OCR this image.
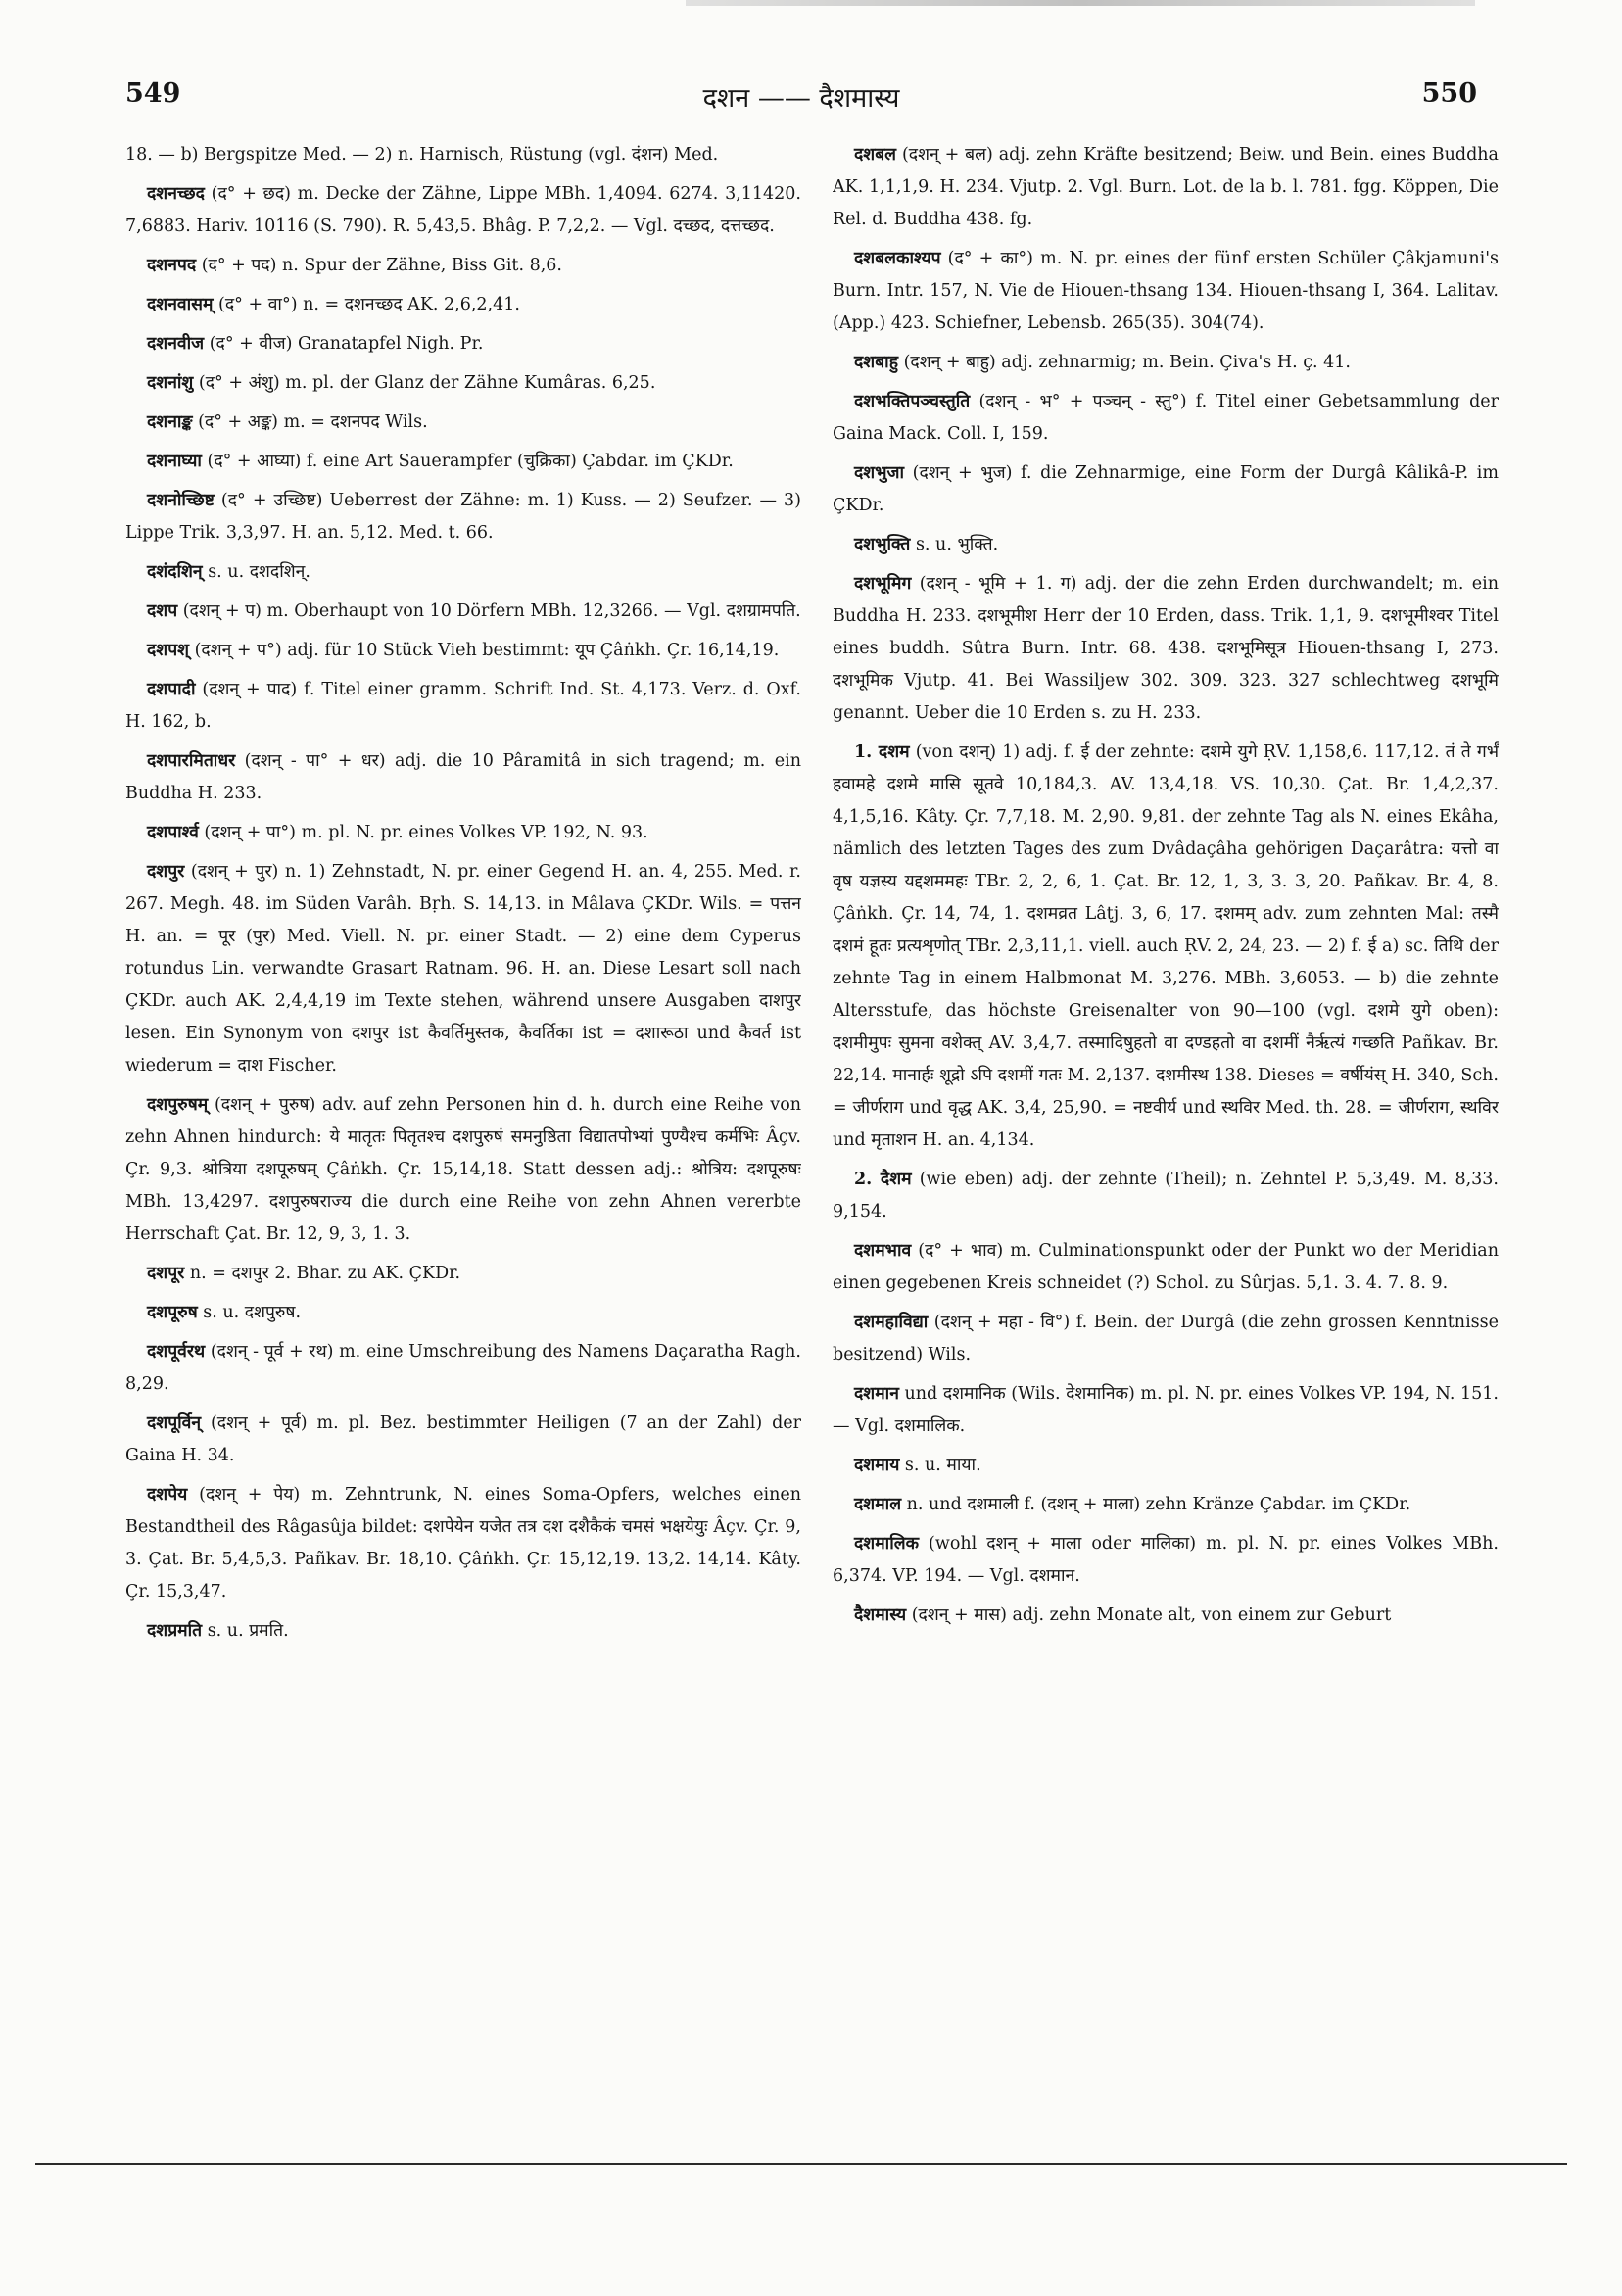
549	दशन —— दैशमास्य	550

18. — b) Bergspitze Med. — 2) n. Harnisch, Rüstung (vgl. दंशन) Med.

दशनच्छद (द° + छद) m. Decke der Zähne, Lippe MBh. 1,4094. 6274. 3,11420. 7,6883. Hariv. 10116 (S. 790). R. 5,43,5. Bhâg. P. 7,2,2. — Vgl. दच्छद, दत्तच्छद.

दशनपद (द° + पद) n. Spur der Zähne, Biss Git. 8,6.

दशनवासम् (द° + वा°) n. = दशनच्छद AK. 2,6,2,41.

दशनवीज (द° + वीज) Granatapfel Nigh. Pr.

दशनांशु (द° + अंशु) m. pl. der Glanz der Zähne Kumâras. 6,25.

दशनाङ्क (द° + अङ्क) m. = दशनपद Wils.

दशनाघ्या (द° + आघ्या) f. eine Art Sauerampfer (चुक्रिका) Çabdar. im ÇKDr.

दशनोच्छिष्ट (द° + उच्छिष्ट) Ueberrest der Zähne: m. 1) Kuss. — 2) Seufzer. — 3) Lippe Trik. 3,3,97. H. an. 5,12. Med. t. 66.

दशंदशिन् s. u. दशदशिन्.

दशप (दशन् + प) m. Oberhaupt von 10 Dörfern MBh. 12,3266. — Vgl. दशग्रामपति.

दशपश् (दशन् + प°) adj. für 10 Stück Vieh bestimmt: यूप Çâṅkh. Çr. 16,14,19.

दशपादी (दशन् + पाद) f. Titel einer gramm. Schrift Ind. St. 4,173. Verz. d. Oxf. H. 162, b.

दशपारमिताधर (दशन् - पा° + धर) adj. die 10 Pâramitâ in sich tragend; m. ein Buddha H. 233.

दशपार्श्व (दशन् + पा°) m. pl. N. pr. eines Volkes VP. 192, N. 93.

दशपुर (दशन् + पुर) n. 1) Zehnstadt, N. pr. einer Gegend H. an. 4, 255. Med. r. 267. Megh. 48. im Süden Varâh. Bṛh. S. 14,13. in Mâlava ÇKDr. Wils. = पत्तन H. an. = पूर (पुर) Med. Viell. N. pr. einer Stadt. — 2) eine dem Cyperus rotundus Lin. verwandte Grasart Ratnam. 96. H. an. Diese Lesart soll nach ÇKDr. auch AK. 2,4,4,19 im Texte stehen, während unsere Ausgaben दाशपुर lesen. Ein Synonym von दशपुर ist कैवर्तिमुस्तक, कैवर्तिका ist = दशारूठा und कैवर्त ist wiederum = दाश Fischer.

दशपुरुषम् (दशन् + पुरुष) adv. auf zehn Personen hin d. h. durch eine Reihe von zehn Ahnen hindurch: ये मातृतः पितृतश्च दशपुरुषं समनुष्ठिता विद्यातपोभ्यां पुण्यैश्च कर्मभिः Âçv. Çr. 9,3. श्रोत्रिया दशपूरुषम् Çâṅkh. Çr. 15,14,18. Statt dessen adj.: श्रोत्रिय: दशपूरुषः MBh. 13,4297. दशपुरुषराज्य die durch eine Reihe von zehn Ahnen vererbte Herrschaft Çat. Br. 12, 9, 3, 1. 3.

दशपूर n. = दशपुर 2. Bhar. zu AK. ÇKDr.

दशपूरुष s. u. दशपुरुष.

दशपूर्वरथ (दशन् - पूर्व + रथ) m. eine Umschreibung des Namens Daçaratha Ragh. 8,29.

दशपूर्विन् (दशन् + पूर्व) m. pl. Bez. bestimmter Heiligen (7 an der Zahl) der Gaina H. 34.

दशपेय (दशन् + पेय) m. Zehntrunk, N. eines Soma-Opfers, welches einen Bestandtheil des Râgasûja bildet: दशपेयेन यजेत तत्र दश दशैकैकं चमसं भक्षयेयुः Âçv. Çr. 9, 3. Çat. Br. 5,4,5,3. Pañkav. Br. 18,10. Çâṅkh. Çr. 15,12,19. 13,2. 14,14. Kâty. Çr. 15,3,47.

दशप्रमति s. u. प्रमति.

दशबल (दशन् + बल) adj. zehn Kräfte besitzend; Beiw. und Bein. eines Buddha AK. 1,1,1,9. H. 234. Vjutp. 2. Vgl. Burn. Lot. de la b. l. 781. fgg. Köppen, Die Rel. d. Buddha 438. fg.

दशबलकाश्यप (द° + का°) m. N. pr. eines der fünf ersten Schüler Çâkjamuni's Burn. Intr. 157, N. Vie de Hiouen-thsang 134. Hiouen-thsang I, 364. Lalitav. (App.) 423. Schiefner, Lebensb. 265(35). 304(74).

दशबाहु (दशन् + बाहु) adj. zehnarmig; m. Bein. Çiva's H. ç. 41.

दशभक्तिपञ्चस्तुति (दशन् - भ° + पञ्चन् - स्तु°) f. Titel einer Gebetsammlung der Gaina Mack. Coll. I, 159.

दशभुजा (दशन् + भुज) f. die Zehnarmige, eine Form der Durgâ Kâlikâ-P. im ÇKDr.

दशभुक्ति s. u. भुक्ति.

दशभूमिग (दशन् - भूमि + 1. ग) adj. der die zehn Erden durchwandelt; m. ein Buddha H. 233. दशभूमीश Herr der 10 Erden, dass. Trik. 1,1, 9. दशभूमीश्वर Titel eines buddh. Sûtra Burn. Intr. 68. 438. दशभूमिसूत्र Hiouen-thsang I, 273. दशभूमिक Vjutp. 41. Bei Wassiljew 302. 309. 323. 327 schlechtweg दशभूमि genannt. Ueber die 10 Erden s. zu H. 233.

1. दशम (von दशन्) 1) adj. f. ई der zehnte: दशमे युगे ṚV. 1,158,6. 117,12. तं ते गर्भं हवामहे दशमे मासि सूतवे 10,184,3. AV. 13,4,18. VS. 10,30. Çat. Br. 1,4,2,37. 4,1,5,16. Kâty. Çr. 7,7,18. M. 2,90. 9,81. der zehnte Tag als N. eines Ekâha, nämlich des letzten Tages des zum Dvâdaçâha gehörigen Daçarâtra: यत्तो वा वृष यज्ञस्य यद्दशममहः TBr. 2, 2, 6, 1. Çat. Br. 12, 1, 3, 3. 3, 20. Pañkav. Br. 4, 8. Çâṅkh. Çr. 14, 74, 1. दशमव्रत Lâṭj. 3, 6, 17. दशमम् adv. zum zehnten Mal: तस्मै दशमं हूतः प्रत्यशृणोत् TBr. 2,3,11,1. viell. auch ṚV. 2, 24, 23. — 2) f. ई a) sc. तिथि der zehnte Tag in einem Halbmonat M. 3,276. MBh. 3,6053. — b) die zehnte Altersstufe, das höchste Greisenalter von 90—100 (vgl. दशमे युगे oben): दशमीमुपः सुमना वशेक्त् AV. 3,4,7. तस्मादिषुहतो वा दण्डहतो वा दशमीं नैर्ऋत्यं गच्छति Pañkav. Br. 22,14. मानार्हः शूद्रो ऽपि दशमीं गतः M. 2,137. दशमीस्थ 138. Dieses = वर्षीयंस् H. 340, Sch. = जीर्णराग und वृद्ध AK. 3,4, 25,90. = नष्टवीर्य und स्थविर Med. th. 28. = जीर्णराग, स्थविर und मृताशन H. an. 4,134.

2. दैशम (wie eben) adj. der zehnte (Theil); n. Zehntel P. 5,3,49. M. 8,33. 9,154.

दशमभाव (द° + भाव) m. Culminationspunkt oder der Punkt wo der Meridian einen gegebenen Kreis schneidet (?) Schol. zu Sûrjas. 5,1. 3. 4. 7. 8. 9.

दशमहाविद्या (दशन् + महा - वि°) f. Bein. der Durgâ (die zehn grossen Kenntnisse besitzend) Wils.

दशमान und दशमानिक (Wils. देशमानिक) m. pl. N. pr. eines Volkes VP. 194, N. 151. — Vgl. दशमालिक.

दशमाय s. u. माया.

दशमाल n. und दशमाली f. (दशन् + माला) zehn Kränze Çabdar. im ÇKDr.

दशमालिक (wohl दशन् + माला oder मालिका) m. pl. N. pr. eines Volkes MBh. 6,374. VP. 194. — Vgl. दशमान.

दैशमास्य (दशन् + मास) adj. zehn Monate alt, von einem zur Geburt
